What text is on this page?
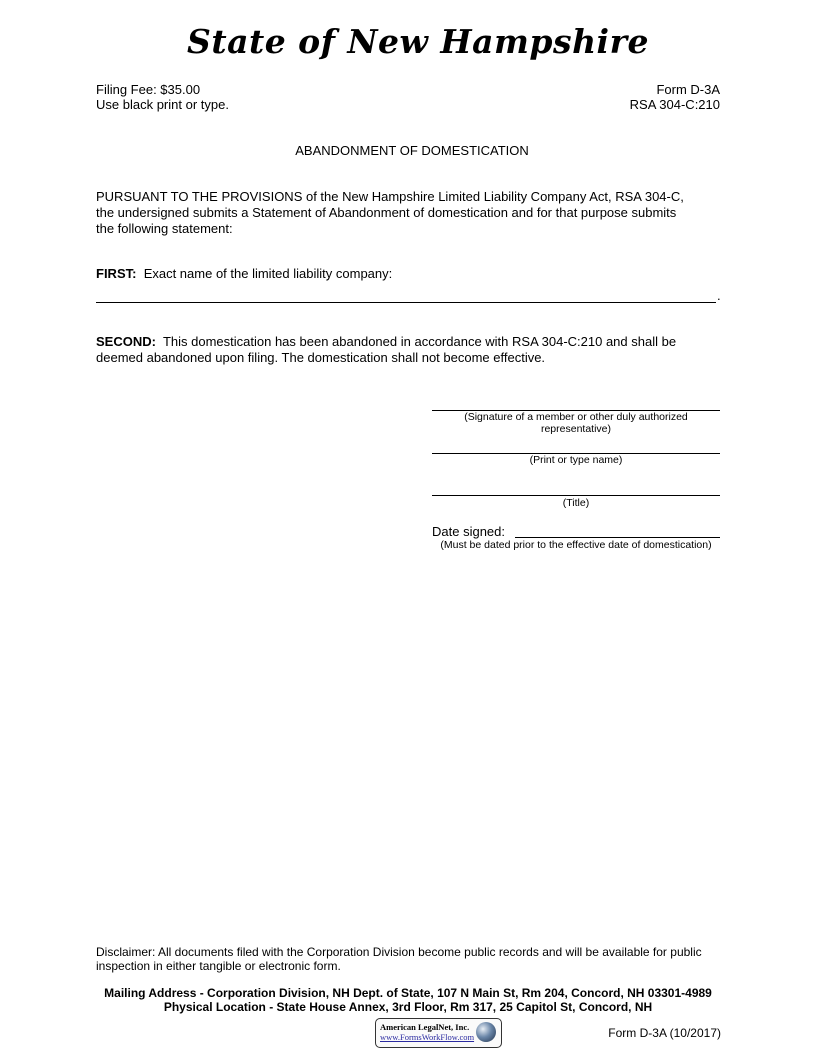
State of New Hampshire
Filing Fee: $35.00
Use black print or type.
Form D-3A
RSA 304-C:210
ABANDONMENT OF DOMESTICATION
PURSUANT TO THE PROVISIONS of the New Hampshire Limited Liability Company Act, RSA 304-C,
the undersigned submits a Statement of Abandonment of domestication and for that purpose submits
the following statement:
FIRST: Exact name of the limited liability company:
.
SECOND: This domestication has been abandoned in accordance with RSA 304-C:210 and shall be
deemed abandoned upon filing. The domestication shall not become effective.
(Signature of a member or other duly authorized representative)
(Print or type name)
(Title)
Date signed:
(Must be dated prior to the effective date of domestication)
Disclaimer: All documents filed with the Corporation Division become public records and will be available for public
inspection in either tangible or electronic form.
Mailing Address - Corporation Division, NH Dept. of State, 107 N Main St, Rm 204, Concord, NH 03301-4989
Physical Location - State House Annex, 3rd Floor, Rm 317, 25 Capitol St, Concord, NH
American LegalNet, Inc.
www.FormsWorkFlow.com	Form D-3A (10/2017)
